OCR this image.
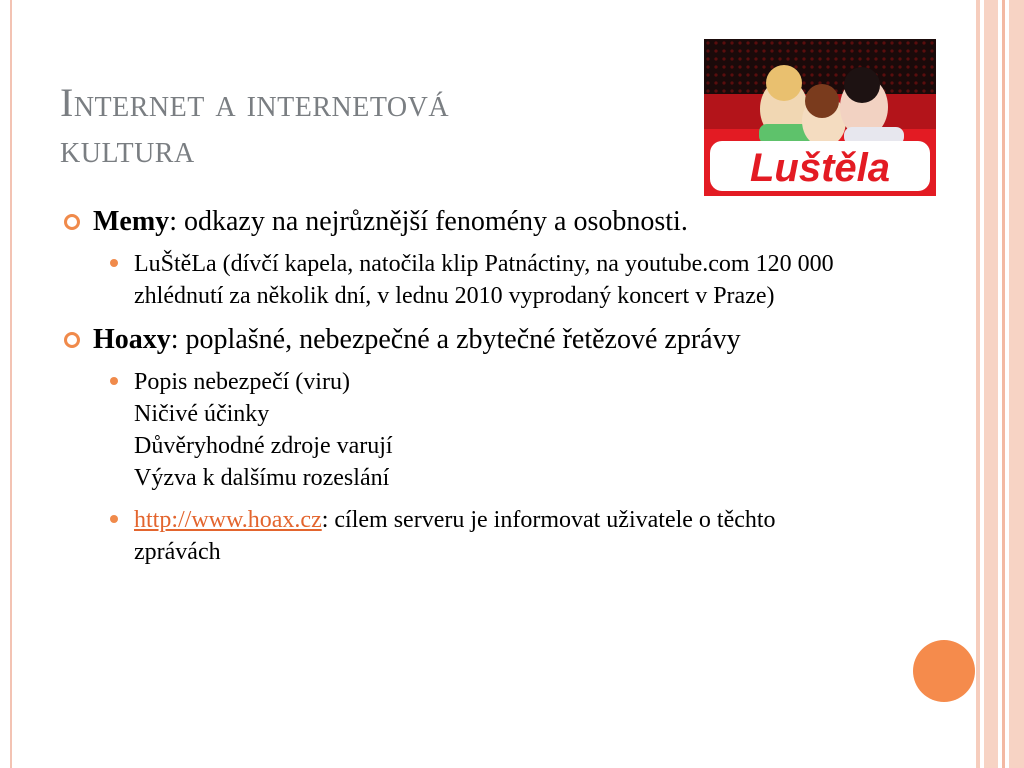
Internet a internetová
kultura	Luštěla
Memy: odkazy na nejrůznější fenomény a osobnosti.
LuŠtěLa (dívčí kapela, natočila klip Patnáctiny, na youtube.com 120 000 zhlédnutí za několik dní, v lednu 2010 vyprodaný koncert v Praze)
Hoaxy: poplašné, nebezpečné a zbytečné řetězové zprávy
Popis nebezpečí (viru)
Ničivé účinky
Důvěryhodné zdroje varují
Výzva k dalšímu rozeslání
http://www.hoax.cz: cílem serveru je informovat uživatele o těchto zprávách
